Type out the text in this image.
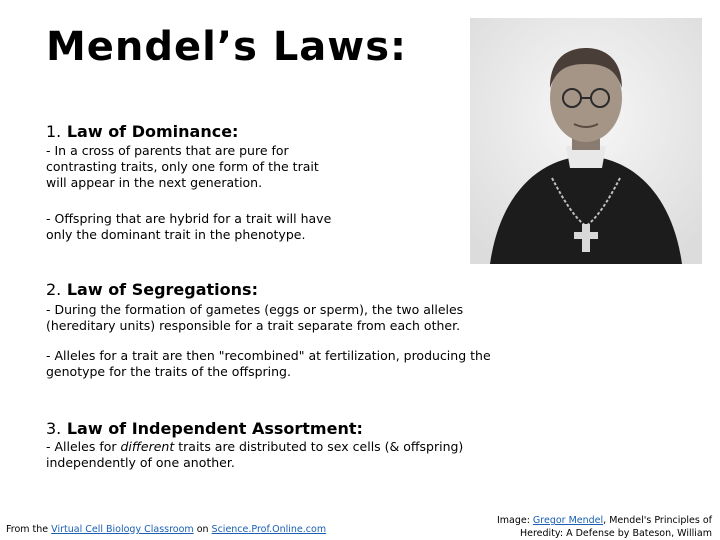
Mendel’s Laws:
1. Law of Dominance:
- In a cross of parents that are pure for contrasting traits, only one form of the trait will appear in the next generation.
- Offspring that are hybrid for a trait will have only the dominant trait in the phenotype.
2. Law of Segregations:
- During the formation of gametes (eggs or sperm), the two alleles (hereditary units) responsible for a trait separate from each other.
- Alleles for a trait are then "recombined" at fertilization, producing the genotype for the traits of the offspring.
3. Law of Independent Assortment:
- Alleles for different traits are distributed to sex cells (& offspring) independently of one another.
From the Virtual Cell Biology Classroom on Science.Prof.Online.com
Image: Gregor Mendel, Mendel's Principles of
Heredity: A Defense by Bateson, William
